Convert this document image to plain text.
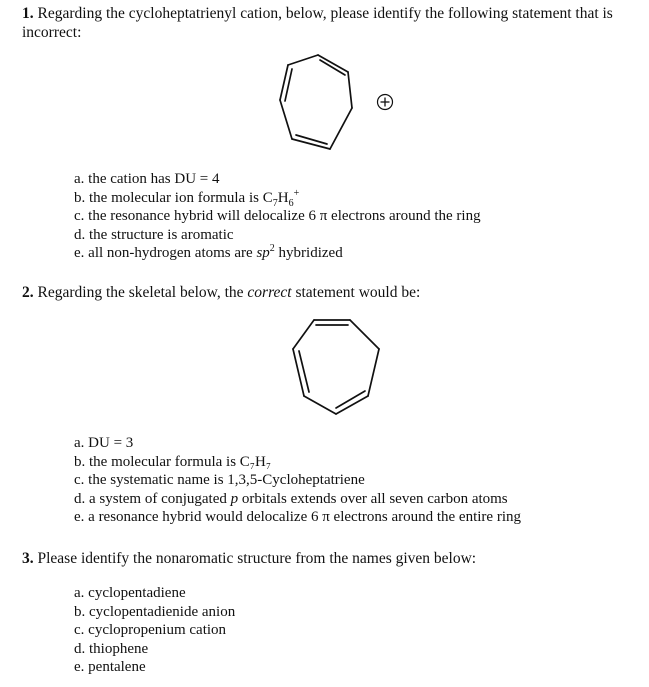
1. Regarding the cycloheptatrienyl cation, below, please identify the following statement that is incorrect:
a. the cation has DU = 4
b. the molecular ion formula is $C_7H_6^+$
c. the resonance hybrid will delocalize 6 π electrons around the ring
d. the structure is aromatic
e. all non-hydrogen atoms are $sp^2$ hybridized
2. Regarding the skeletal below, the correct statement would be:
a. DU = 3
b. the molecular formula is C₇H₇
c. the systematic name is 1,3,5-Cycloheptatriene
d. a system of conjugated p orbitals extends over all seven carbon atoms
e. a resonance hybrid would delocalize 6 π electrons around the entire ring
3. Please identify the nonaromatic structure from the names given below:
a. cyclopentadiene
b. cyclopentadienide anion
c. cyclopropenium cation
d. thiophene
e. pentalene
